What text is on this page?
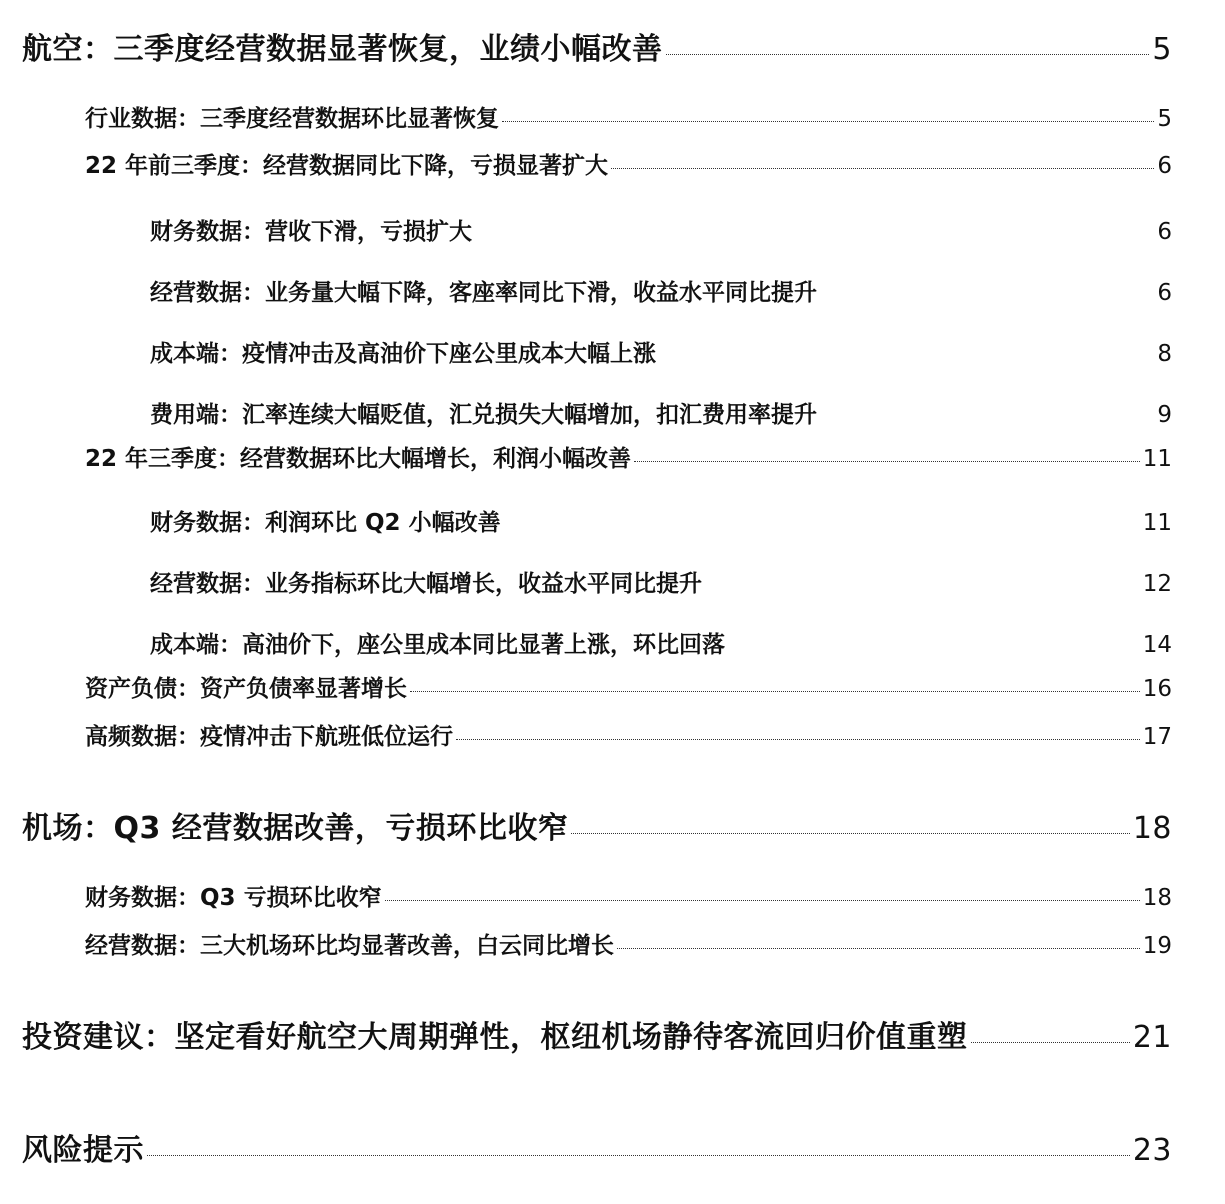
航空：三季度经营数据显著恢复，业绩小幅改善	5
行业数据：三季度经营数据环比显著恢复	5
22 年前三季度：经营数据同比下降，亏损显著扩大	6
财务数据：营收下滑，亏损扩大	6
经营数据：业务量大幅下降，客座率同比下滑，收益水平同比提升	6
成本端：疫情冲击及高油价下座公里成本大幅上涨	8
费用端：汇率连续大幅贬值，汇兑损失大幅增加，扣汇费用率提升	9
22 年三季度：经营数据环比大幅增长，利润小幅改善	11
财务数据：利润环比 Q2 小幅改善	11
经营数据：业务指标环比大幅增长，收益水平同比提升	12
成本端：高油价下，座公里成本同比显著上涨，环比回落	14
资产负债：资产负债率显著增长	16
高频数据：疫情冲击下航班低位运行	17
机场：Q3 经营数据改善，亏损环比收窄	18
财务数据：Q3 亏损环比收窄	18
经营数据：三大机场环比均显著改善，白云同比增长	19
投资建议：坚定看好航空大周期弹性，枢纽机场静待客流回归价值重塑	21
风险提示	23
